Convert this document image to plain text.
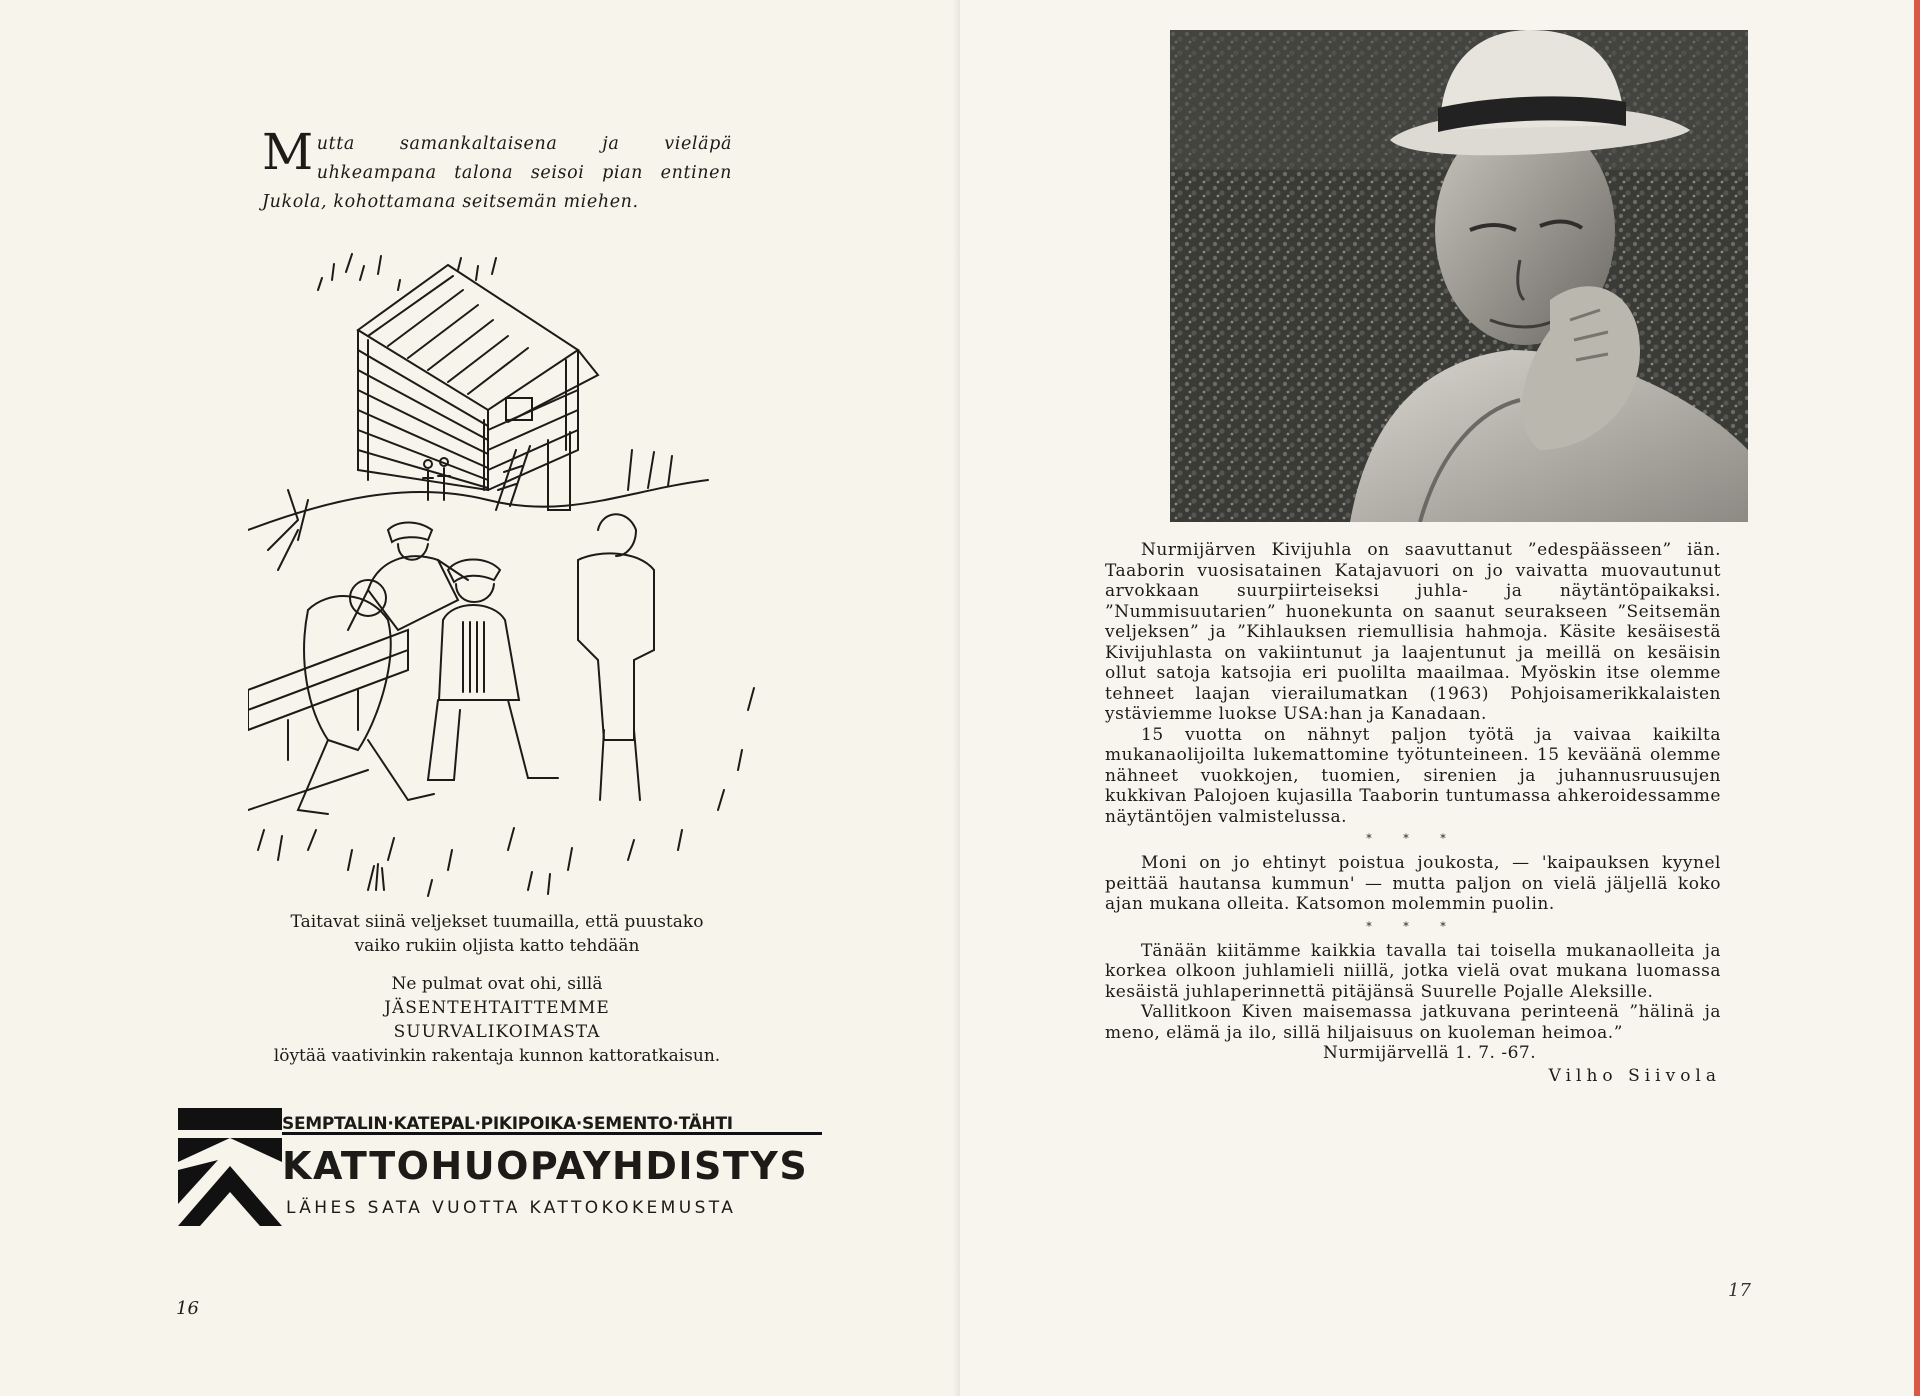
Mutta samankaltaisena ja vieläpä uhkeampana talona seisoi pian entinen Jukola, kohottamana seitsemän miehen.

Taitavat siinä veljekset tuumailla, että puustako

vaiko rukiin oljista katto tehdään

Ne pulmat ovat ohi, sillä

JÄSENTEHTAITTEMME

SUURVALIKOIMASTA

löytää vaativinkin rakentaja kunnon kattoratkaisun.

SEMPTALIN·KATEPAL·PIKIPOIKA·SEMENTO·TÄHTI
KATTOHUOPAYHDISTYS
LÄHES SATA VUOTTA KATTOKOKEMUSTA
16

Nurmijärven Kivijuhla on saavuttanut ”edespäässeen” iän. Taaborin vuosisatainen Katajavuori on jo vaivatta muovautunut arvokkaan suurpiirteiseksi juhla- ja näytäntöpaikaksi. ”Nummisuutarien” huonekunta on saanut seurakseen ”Seitsemän veljeksen” ja ”Kihlauksen riemullisia hahmoja. Käsite kesäisestä Kivijuhlasta on vakiintunut ja laajentunut ja meillä on kesäisin ollut satoja katsojia eri puolilta maailmaa. Myöskin itse olemme tehneet laajan vierailumatkan (1963) Pohjoisamerikkalaisten ystäviemme luokse USA:han ja Kanadaan.

15 vuotta on nähnyt paljon työtä ja vaivaa kaikilta mukanaolijoilta lukemattomine työtunteineen. 15 keväänä olemme nähneet vuokkojen, tuomien, sirenien ja juhannusruusujen kukkivan Palojoen kujasilla Taaborin tuntumassa ahkeroidessamme näytäntöjen valmistelussa.

* * *

Moni on jo ehtinyt poistua joukosta, — 'kaipauksen kyynel peittää hautansa kummun' — mutta paljon on vielä jäljellä koko ajan mukana olleita. Katsomon molemmin puolin.

* * *

Tänään kiitämme kaikkia tavalla tai toisella mukanaolleita ja korkea olkoon juhlamieli niillä, jotka vielä ovat mukana luomassa kesäistä juhlaperinnettä pitäjänsä Suurelle Pojalle Aleksille.

Vallitkoon Kiven maisemassa jatkuvana perinteenä ”hälinä ja meno, elämä ja ilo, sillä hiljaisuus on kuoleman heimoa.”

Nurmijärvellä 1. 7. -67.

Vilho Siivola
17
